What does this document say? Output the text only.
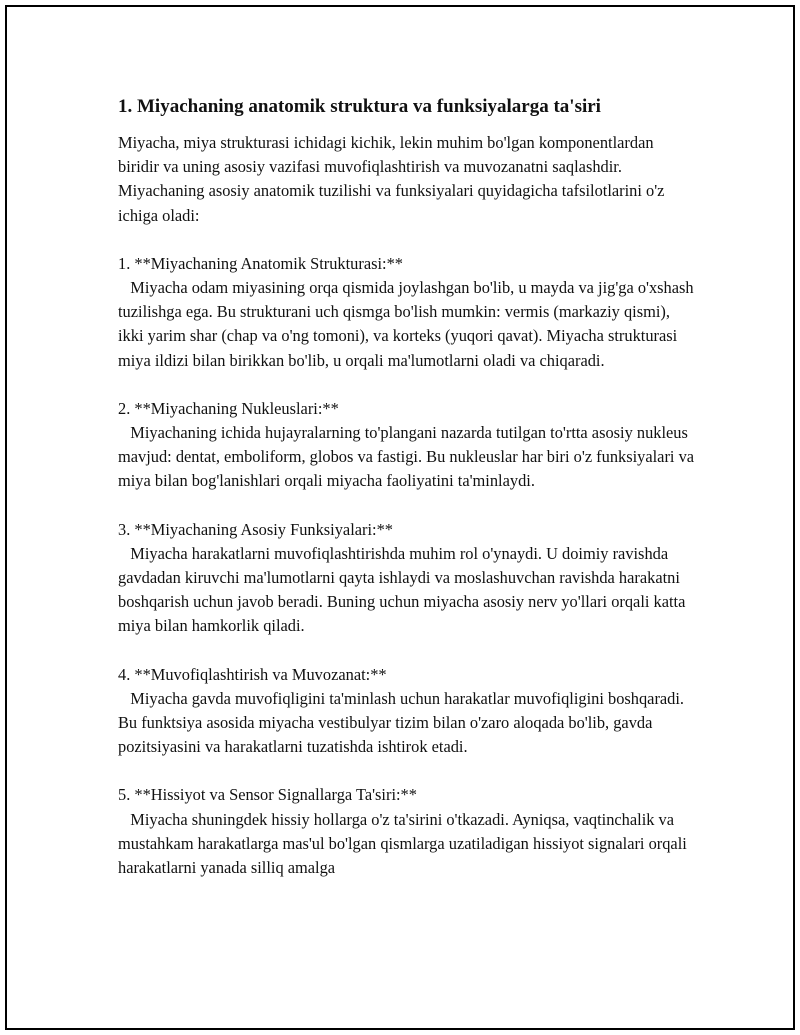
1. Miyachaning anatomik struktura va funksiyalarga ta'siri

Miyacha, miya strukturasi ichidagi kichik, lekin muhim bo'lgan komponentlardan biridir va uning asosiy vazifasi muvofiqlashtirish va muvozanatni saqlashdir. Miyachaning asosiy anatomik tuzilishi va funksiyalari quyidagicha tafsilotlarini o'z ichiga oladi:

1. **Miyachaning Anatomik Strukturasi:**
Miyacha odam miyasining orqa qismida joylashgan bo'lib, u mayda va jig'ga o'xshash tuzilishga ega. Bu strukturani uch qismga bo'lish mumkin: vermis (markaziy qismi), ikki yarim shar (chap va o'ng tomoni), va korteks (yuqori qavat). Miyacha strukturasi miya ildizi bilan birikkan bo'lib, u orqali ma'lumotlarni oladi va chiqaradi.

2. **Miyachaning Nukleuslari:**
Miyachaning ichida hujayralarning to'plangani nazarda tutilgan to'rtta asosiy nukleus mavjud: dentat, emboliform, globos va fastigi. Bu nukleuslar har biri o'z funksiyalari va miya bilan bog'lanishlari orqali miyacha faoliyatini ta'minlaydi.

3. **Miyachaning Asosiy Funksiyalari:**
Miyacha harakatlarni muvofiqlashtirishda muhim rol o'ynaydi. U doimiy ravishda gavdadan kiruvchi ma'lumotlarni qayta ishlaydi va moslashuvchan ravishda harakatni boshqarish uchun javob beradi. Buning uchun miyacha asosiy nerv yo'llari orqali katta miya bilan hamkorlik qiladi.

4. **Muvofiqlashtirish va Muvozanat:**
Miyacha gavda muvofiqligini ta'minlash uchun harakatlar muvofiqligini boshqaradi. Bu funktsiya asosida miyacha vestibulyar tizim bilan o'zaro aloqada bo'lib, gavda pozitsiyasini va harakatlarni tuzatishda ishtirok etadi.

5. **Hissiyot va Sensor Signallarga Ta'siri:**
Miyacha shuningdek hissiy hollarga o'z ta'sirini o'tkazadi. Ayniqsa, vaqtinchalik va mustahkam harakatlarga mas'ul bo'lgan qismlarga uzatiladigan hissiyot signalari orqali harakatlarni yanada silliq amalga
